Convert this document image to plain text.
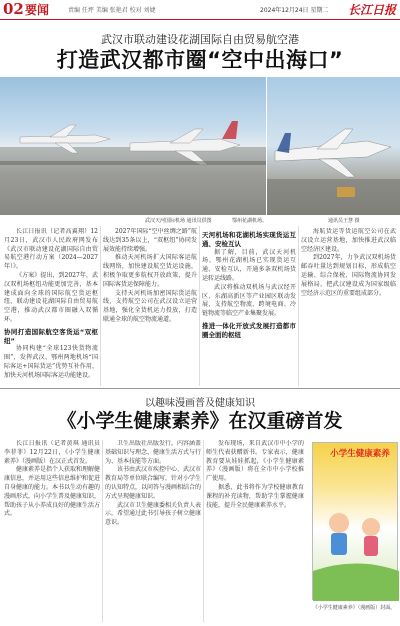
02 要闻	责编 任坪 美编 张艳君 校对 刘婕	2024年12月24日 星期二 长江日报
武汉市联动建设花湖国际自由贸易航空港
打造武汉都市圈“空中出海口”
武汉天河国际机场 通讯员供图	鄂州花湖机场。	通讯员王慧 摄

长江日报讯（记者高翼翔）12月23日，武汉市人民政府网发布《武汉市联动建设花湖国际自由贸易航空港行动方案（2024—2027年）》。

《方案》提出，到2027年，武汉双机场枢纽功能更加完善，基本建成面向全球的国际航空货运枢纽，联动建设花湖国际自由贸易航空港，推动武汉都市圈融入双循环。

协同打造国际航空客货运“双枢纽”

协同构建“全球123快货物流圈”，发挥武汉、鄂州两地机场“国际客运+国际货运”优势互补作用，加快天河机场国际客运功能建设。

2027年国际“空中丝绸之路”航线达到35条以上，“双枢纽”协同发展效能持续增强。

推动天河机场扩大国际客运航线网络，加快建设航空货运设施，积极争取更多航权开放政策，提升国际客货运保障能力。

支持天河机场加密国际货运航线，支持航空公司在武汉设立运营基地，强化全货机运力投放，打造联通全球的航空物流通道。

天河机场和花湖机场实现货运互通、安检互认

据了解，目前，武汉天河机场、鄂州花湖机场已实现货运互通、安检互认，开通多条双机场货运转运线路。

武汉将推动双机场与武汉经开区、东湖高新区等产业园区联动发展，支持航空物流、跨境电商、冷链物流等临空产业集聚发展。

推进一体化开放式发展打造都市圈全面的枢纽

海航货运等货运航空公司在武汉设立运营基地，加快推进武汉临空经济区建设。

到2027年，力争武汉双机场货邮吞吐量达到规划目标，形成航空运输、综合保税、国际物流协同发展格局，把武汉建设成为国家级临空经济示范区的重要组成部分。

以趣味漫画普及健康知识
《小学生健康素养》在汉重磅首发

长江日报讯（记者黄琪 通讯员李菲菲）12月22日，《小学生健康素养》（漫画版）在汉正式首发。

健康素养是指个人获取和理解健康信息，并运用这些信息维护和促进自身健康的能力。本书以生动有趣的漫画形式，向小学生普及健康知识，帮助孩子从小养成良好的健康生活方式。

卫生出版社出版发行，内容涵盖基础知识与理念、健康生活方式与行为、基本技能等方面。

该书由武汉市疾控中心、武汉市教育局等单位联合编写，针对小学生的认知特点，以问答与漫画相结合的方式呈现健康知识。

武汉市卫生健康委相关负责人表示，希望通过此书引导孩子树立健康意识。

发布现场，来自武汉市中小学的师生代表获赠新书。专家表示，健康教育要从娃娃抓起，《小学生健康素养》（漫画版）将在全市中小学校推广使用。

据悉，此书将作为学校健康教育课程的补充读物，帮助学生掌握健康技能，提升全民健康素养水平。

小学生健康素养
《小学生健康素养》（漫画版）封面。
